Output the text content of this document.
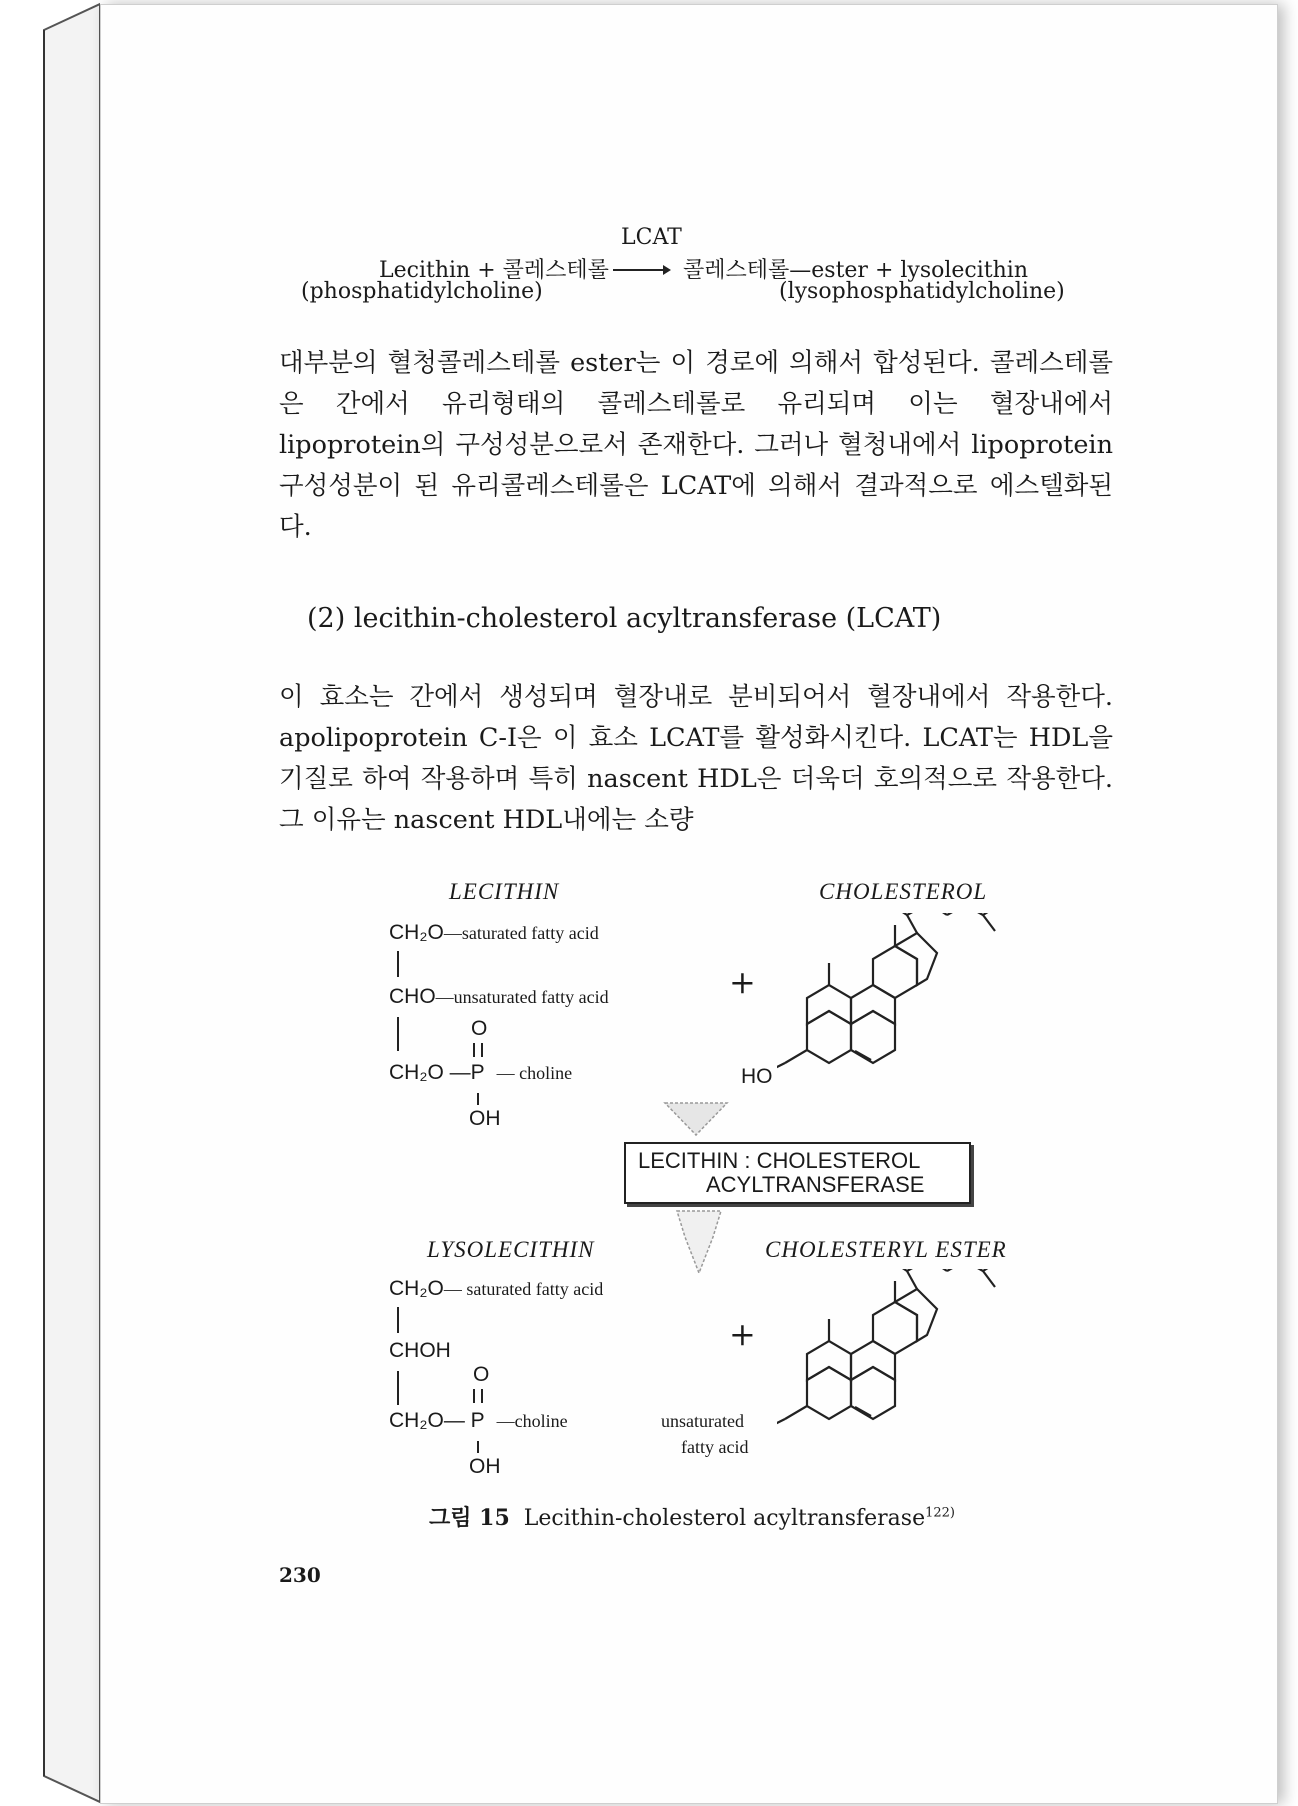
LCAT
Lecithin + 콜레스테롤 → 콜레스테롤—ester + lysolecithin
(phosphatidylcholine)	(lysophosphatidylcholine)
대부분의 혈청콜레스테롤 ester는 이 경로에 의해서 합성된다. 콜레스테롤은 간에서 유리형태의 콜레스테롤로 유리되며 이는 혈장내에서 lipoprotein의 구성성분으로서 존재한다. 그러나 혈청내에서 lipoprotein 구성성분이 된 유리콜레스테롤은 LCAT에 의해서 결과적으로 에스텔화된다.
(2) lecithin-cholesterol acyltransferase (LCAT)
이 효소는 간에서 생성되며 혈장내로 분비되어서 혈장내에서 작용한다. apolipoprotein C-I은 이 효소 LCAT를 활성화시킨다. LCAT는 HDL을 기질로 하여 작용하며 특히 nascent HDL은 더욱더 호의적으로 작용한다. 그 이유는 nascent HDL내에는 소량
LECITHIN	CHOLESTEROL
CH₂O—saturated fatty acid
CHO—unsaturated fatty acid
O
CH₂O —P — choline
OH
+
HO
LECITHIN : CHOLESTEROL
ACYLTRANSFERASE
LYSOLECITHIN	CHOLESTERYL ESTER
CH₂O— saturated fatty acid
CHOH
O
CH₂O— P —choline
OH
+
unsaturated
fatty acid
그림 15 Lecithin-cholesterol acyltransferase$^{122)}$
230
